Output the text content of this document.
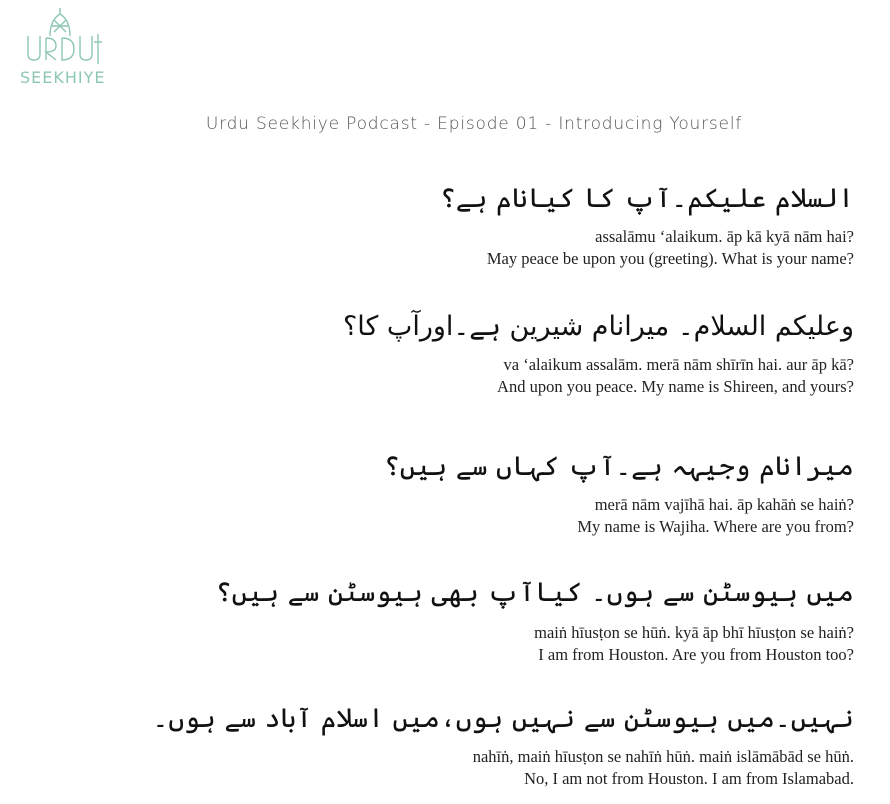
SEEKHIYE
Urdu Seekhiye Podcast - Episode 01 - Introducing Yourself
السلام علیکم۔آپ کا کیانام ہے؟
assalāmu ‘alaikum. āp kā kyā nām hai?
May peace be upon you (greeting). What is your name?
وعلیکم السلام۔ میرانام شیرین ہے۔اورآپ کا؟
va ‘alaikum assalām. merā nām shīrīn hai. aur āp kā?
And upon you peace. My name is Shireen, and yours?
میرانام وجیہہ ہے۔آپ کہاں سے ہیں؟
merā nām vajīhā hai. āp kahāṅ se haiṅ?
My name is Wajiha. Where are you from?
میں ہیوسٹن سے ہوں۔ کیاآپ بھی ہیوسٹن سے ہیں؟
maiṅ hīusṭon se hūṅ. kyā āp bhī hīusṭon se haiṅ?
I am from Houston. Are you from Houston too?
نہیں۔میں ہیوسٹن سے نہیں ہوں،میں اسلام آباد سے ہوں۔
nahīṅ, maiṅ hīusṭon se nahīṅ hūṅ. maiṅ islāmābād se hūṅ.
No, I am not from Houston. I am from Islamabad.
